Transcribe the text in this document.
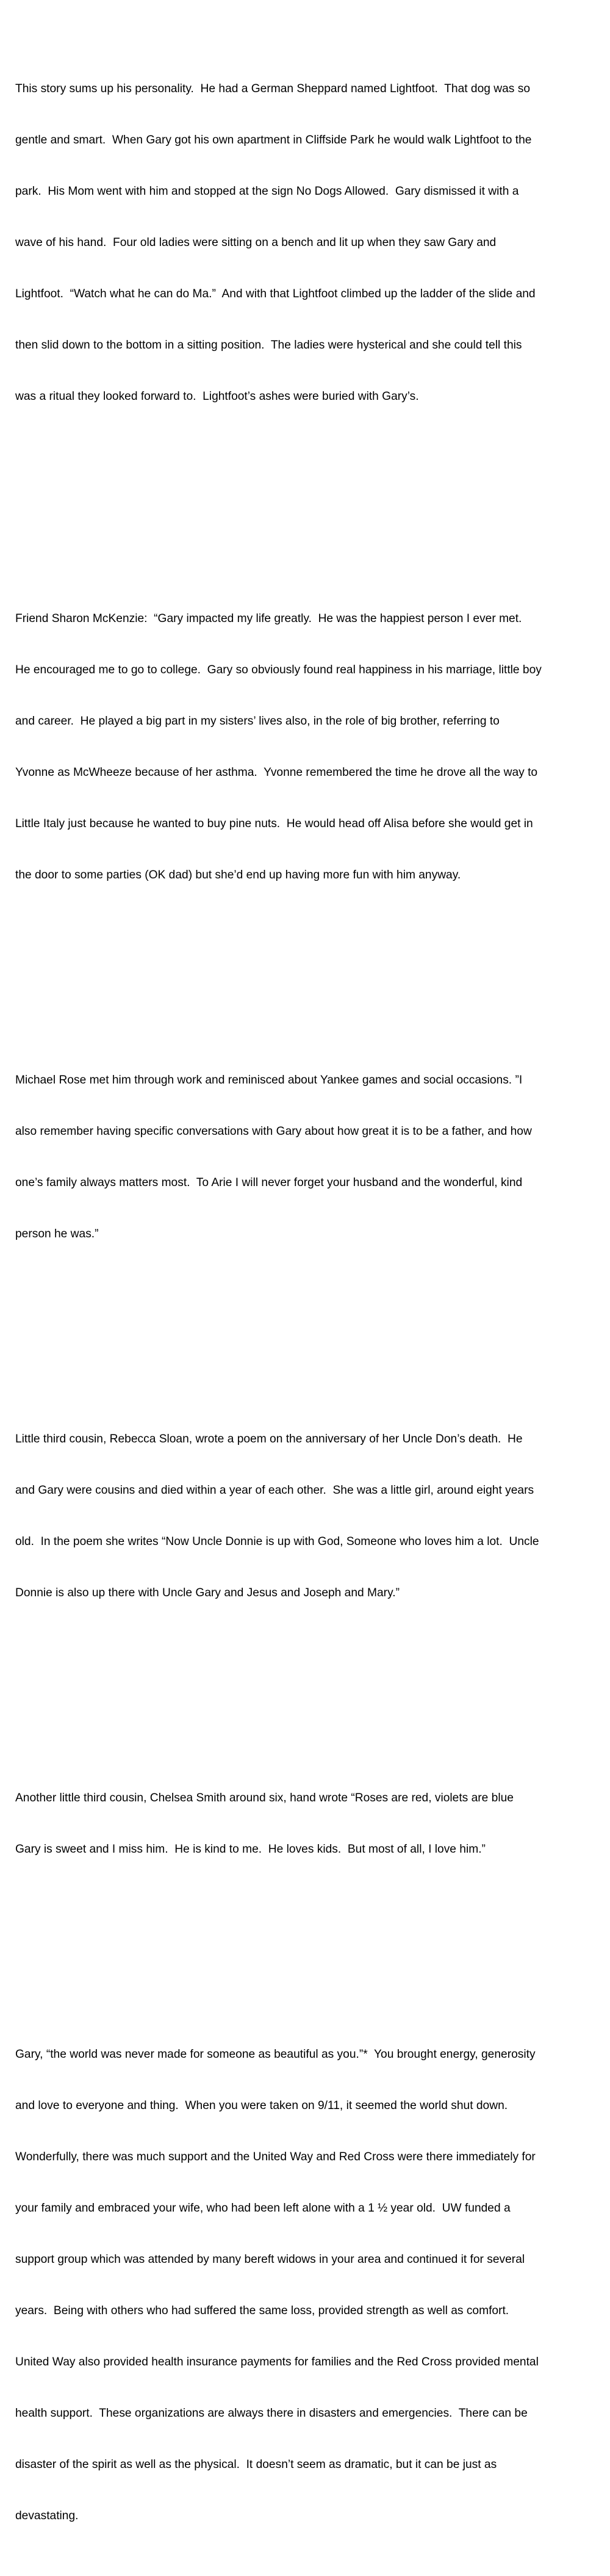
This story sums up his personality.  He had a German Sheppard named Lightfoot.  That dog was so

gentle and smart.  When Gary got his own apartment in Cliffside Park he would walk Lightfoot to the

park.  His Mom went with him and stopped at the sign No Dogs Allowed.  Gary dismissed it with a

wave of his hand.  Four old ladies were sitting on a bench and lit up when they saw Gary and

Lightfoot.  “Watch what he can do Ma.”  And with that Lightfoot climbed up the ladder of the slide and

then slid down to the bottom in a sitting position.  The ladies were hysterical and she could tell this

was a ritual they looked forward to.  Lightfoot’s ashes were buried with Gary’s.

Friend Sharon McKenzie:  “Gary impacted my life greatly.  He was the happiest person I ever met.

He encouraged me to go to college.  Gary so obviously found real happiness in his marriage, little boy

and career.  He played a big part in my sisters’ lives also, in the role of big brother, referring to

Yvonne as McWheeze because of her asthma.  Yvonne remembered the time he drove all the way to

Little Italy just because he wanted to buy pine nuts.  He would head off Alisa before she would get in

the door to some parties (OK dad) but she’d end up having more fun with him anyway.

Michael Rose met him through work and reminisced about Yankee games and social occasions. ”I

also remember having specific conversations with Gary about how great it is to be a father, and how

one’s family always matters most.  To Arie I will never forget your husband and the wonderful, kind

person he was.”

Little third cousin, Rebecca Sloan, wrote a poem on the anniversary of her Uncle Don’s death.  He

and Gary were cousins and died within a year of each other.  She was a little girl, around eight years

old.  In the poem she writes “Now Uncle Donnie is up with God, Someone who loves him a lot.  Uncle

Donnie is also up there with Uncle Gary and Jesus and Joseph and Mary.”

Another little third cousin, Chelsea Smith around six, hand wrote “Roses are red, violets are blue

Gary is sweet and I miss him.  He is kind to me.  He loves kids.  But most of all, I love him.”

Gary, “the world was never made for someone as beautiful as you.”*  You brought energy, generosity

and love to everyone and thing.  When you were taken on 9/11, it seemed the world shut down.

Wonderfully, there was much support and the United Way and Red Cross were there immediately for

your family and embraced your wife, who had been left alone with a 1 ½ year old.  UW funded a

support group which was attended by many bereft widows in your area and continued it for several

years.  Being with others who had suffered the same loss, provided strength as well as comfort.

United Way also provided health insurance payments for families and the Red Cross provided mental

health support.  These organizations are always there in disasters and emergencies.  There can be

disaster of the spirit as well as the physical.  It doesn’t seem as dramatic, but it can be just as

devastating.
